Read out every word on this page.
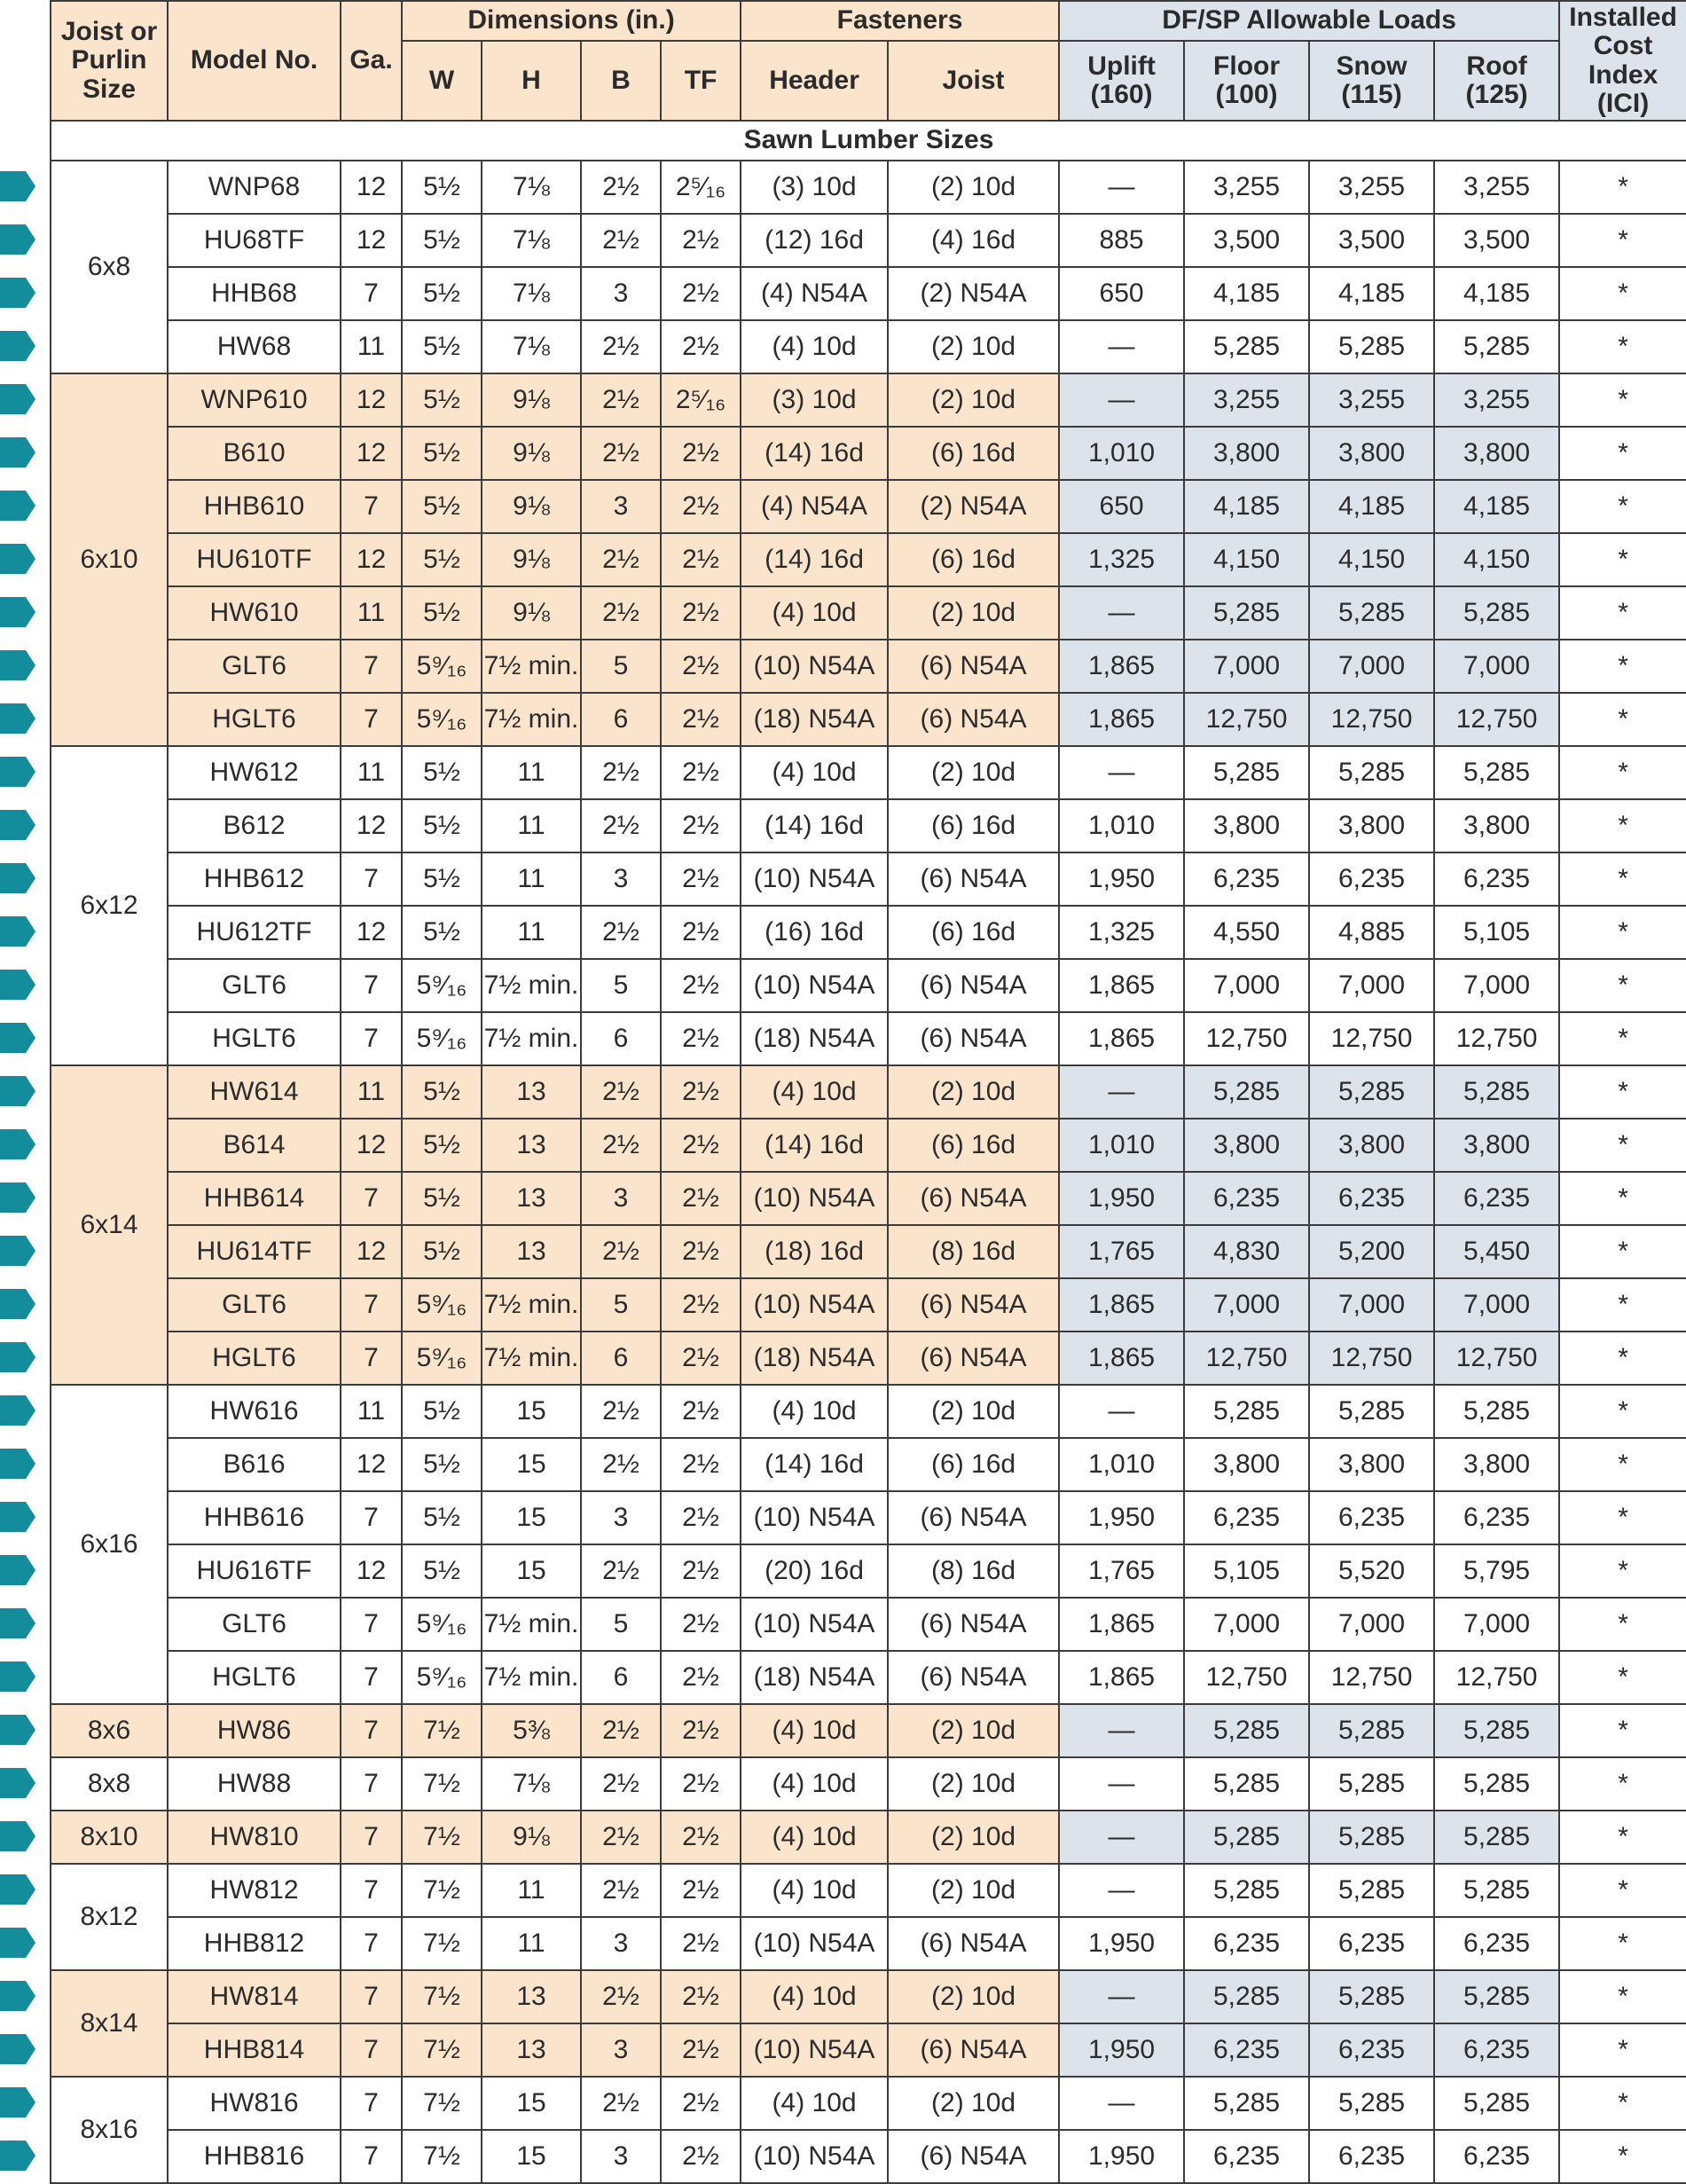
Joist or Purlin Size	Model No.	Ga.	Dimensions (in.)				Fasteners		DF/SP Allowable Loads				Installed Cost Index (ICI)
			W	H	B	TF	Header	Joist	Uplift (160)	Floor (100)	Snow (115)	Roof (125)	
Sawn Lumber Sizes													
6x8	WNP68	12	5½	7⅛	2½	2⁵⁄₁₆	(3) 10d	(2) 10d	—	3,255	3,255	3,255	*
	HU68TF	12	5½	7⅛	2½	2½	(12) 16d	(4) 16d	885	3,500	3,500	3,500	*
	HHB68	7	5½	7⅛	3	2½	(4) N54A	(2) N54A	650	4,185	4,185	4,185	*
	HW68	11	5½	7⅛	2½	2½	(4) 10d	(2) 10d	—	5,285	5,285	5,285	*
6x10	WNP610	12	5½	9⅛	2½	2⁵⁄₁₆	(3) 10d	(2) 10d	—	3,255	3,255	3,255	*
	B610	12	5½	9⅛	2½	2½	(14) 16d	(6) 16d	1,010	3,800	3,800	3,800	*
	HHB610	7	5½	9⅛	3	2½	(4) N54A	(2) N54A	650	4,185	4,185	4,185	*
	HU610TF	12	5½	9⅛	2½	2½	(14) 16d	(6) 16d	1,325	4,150	4,150	4,150	*
	HW610	11	5½	9⅛	2½	2½	(4) 10d	(2) 10d	—	5,285	5,285	5,285	*
	GLT6	7	5⁹⁄₁₆	7½ min.	5	2½	(10) N54A	(6) N54A	1,865	7,000	7,000	7,000	*
	HGLT6	7	5⁹⁄₁₆	7½ min.	6	2½	(18) N54A	(6) N54A	1,865	12,750	12,750	12,750	*
6x12	HW612	11	5½	11	2½	2½	(4) 10d	(2) 10d	—	5,285	5,285	5,285	*
	B612	12	5½	11	2½	2½	(14) 16d	(6) 16d	1,010	3,800	3,800	3,800	*
	HHB612	7	5½	11	3	2½	(10) N54A	(6) N54A	1,950	6,235	6,235	6,235	*
	HU612TF	12	5½	11	2½	2½	(16) 16d	(6) 16d	1,325	4,550	4,885	5,105	*
	GLT6	7	5⁹⁄₁₆	7½ min.	5	2½	(10) N54A	(6) N54A	1,865	7,000	7,000	7,000	*
	HGLT6	7	5⁹⁄₁₆	7½ min.	6	2½	(18) N54A	(6) N54A	1,865	12,750	12,750	12,750	*
6x14	HW614	11	5½	13	2½	2½	(4) 10d	(2) 10d	—	5,285	5,285	5,285	*
	B614	12	5½	13	2½	2½	(14) 16d	(6) 16d	1,010	3,800	3,800	3,800	*
	HHB614	7	5½	13	3	2½	(10) N54A	(6) N54A	1,950	6,235	6,235	6,235	*
	HU614TF	12	5½	13	2½	2½	(18) 16d	(8) 16d	1,765	4,830	5,200	5,450	*
	GLT6	7	5⁹⁄₁₆	7½ min.	5	2½	(10) N54A	(6) N54A	1,865	7,000	7,000	7,000	*
	HGLT6	7	5⁹⁄₁₆	7½ min.	6	2½	(18) N54A	(6) N54A	1,865	12,750	12,750	12,750	*
6x16	HW616	11	5½	15	2½	2½	(4) 10d	(2) 10d	—	5,285	5,285	5,285	*
	B616	12	5½	15	2½	2½	(14) 16d	(6) 16d	1,010	3,800	3,800	3,800	*
	HHB616	7	5½	15	3	2½	(10) N54A	(6) N54A	1,950	6,235	6,235	6,235	*
	HU616TF	12	5½	15	2½	2½	(20) 16d	(8) 16d	1,765	5,105	5,520	5,795	*
	GLT6	7	5⁹⁄₁₆	7½ min.	5	2½	(10) N54A	(6) N54A	1,865	7,000	7,000	7,000	*
	HGLT6	7	5⁹⁄₁₆	7½ min.	6	2½	(18) N54A	(6) N54A	1,865	12,750	12,750	12,750	*
8x6	HW86	7	7½	5⅜	2½	2½	(4) 10d	(2) 10d	—	5,285	5,285	5,285	*
8x8	HW88	7	7½	7⅛	2½	2½	(4) 10d	(2) 10d	—	5,285	5,285	5,285	*
8x10	HW810	7	7½	9⅛	2½	2½	(4) 10d	(2) 10d	—	5,285	5,285	5,285	*
8x12	HW812	7	7½	11	2½	2½	(4) 10d	(2) 10d	—	5,285	5,285	5,285	*
	HHB812	7	7½	11	3	2½	(10) N54A	(6) N54A	1,950	6,235	6,235	6,235	*
8x14	HW814	7	7½	13	2½	2½	(4) 10d	(2) 10d	—	5,285	5,285	5,285	*
	HHB814	7	7½	13	3	2½	(10) N54A	(6) N54A	1,950	6,235	6,235	6,235	*
8x16	HW816	7	7½	15	2½	2½	(4) 10d	(2) 10d	—	5,285	5,285	5,285	*
	HHB816	7	7½	15	3	2½	(10) N54A	(6) N54A	1,950	6,235	6,235	6,235	*
